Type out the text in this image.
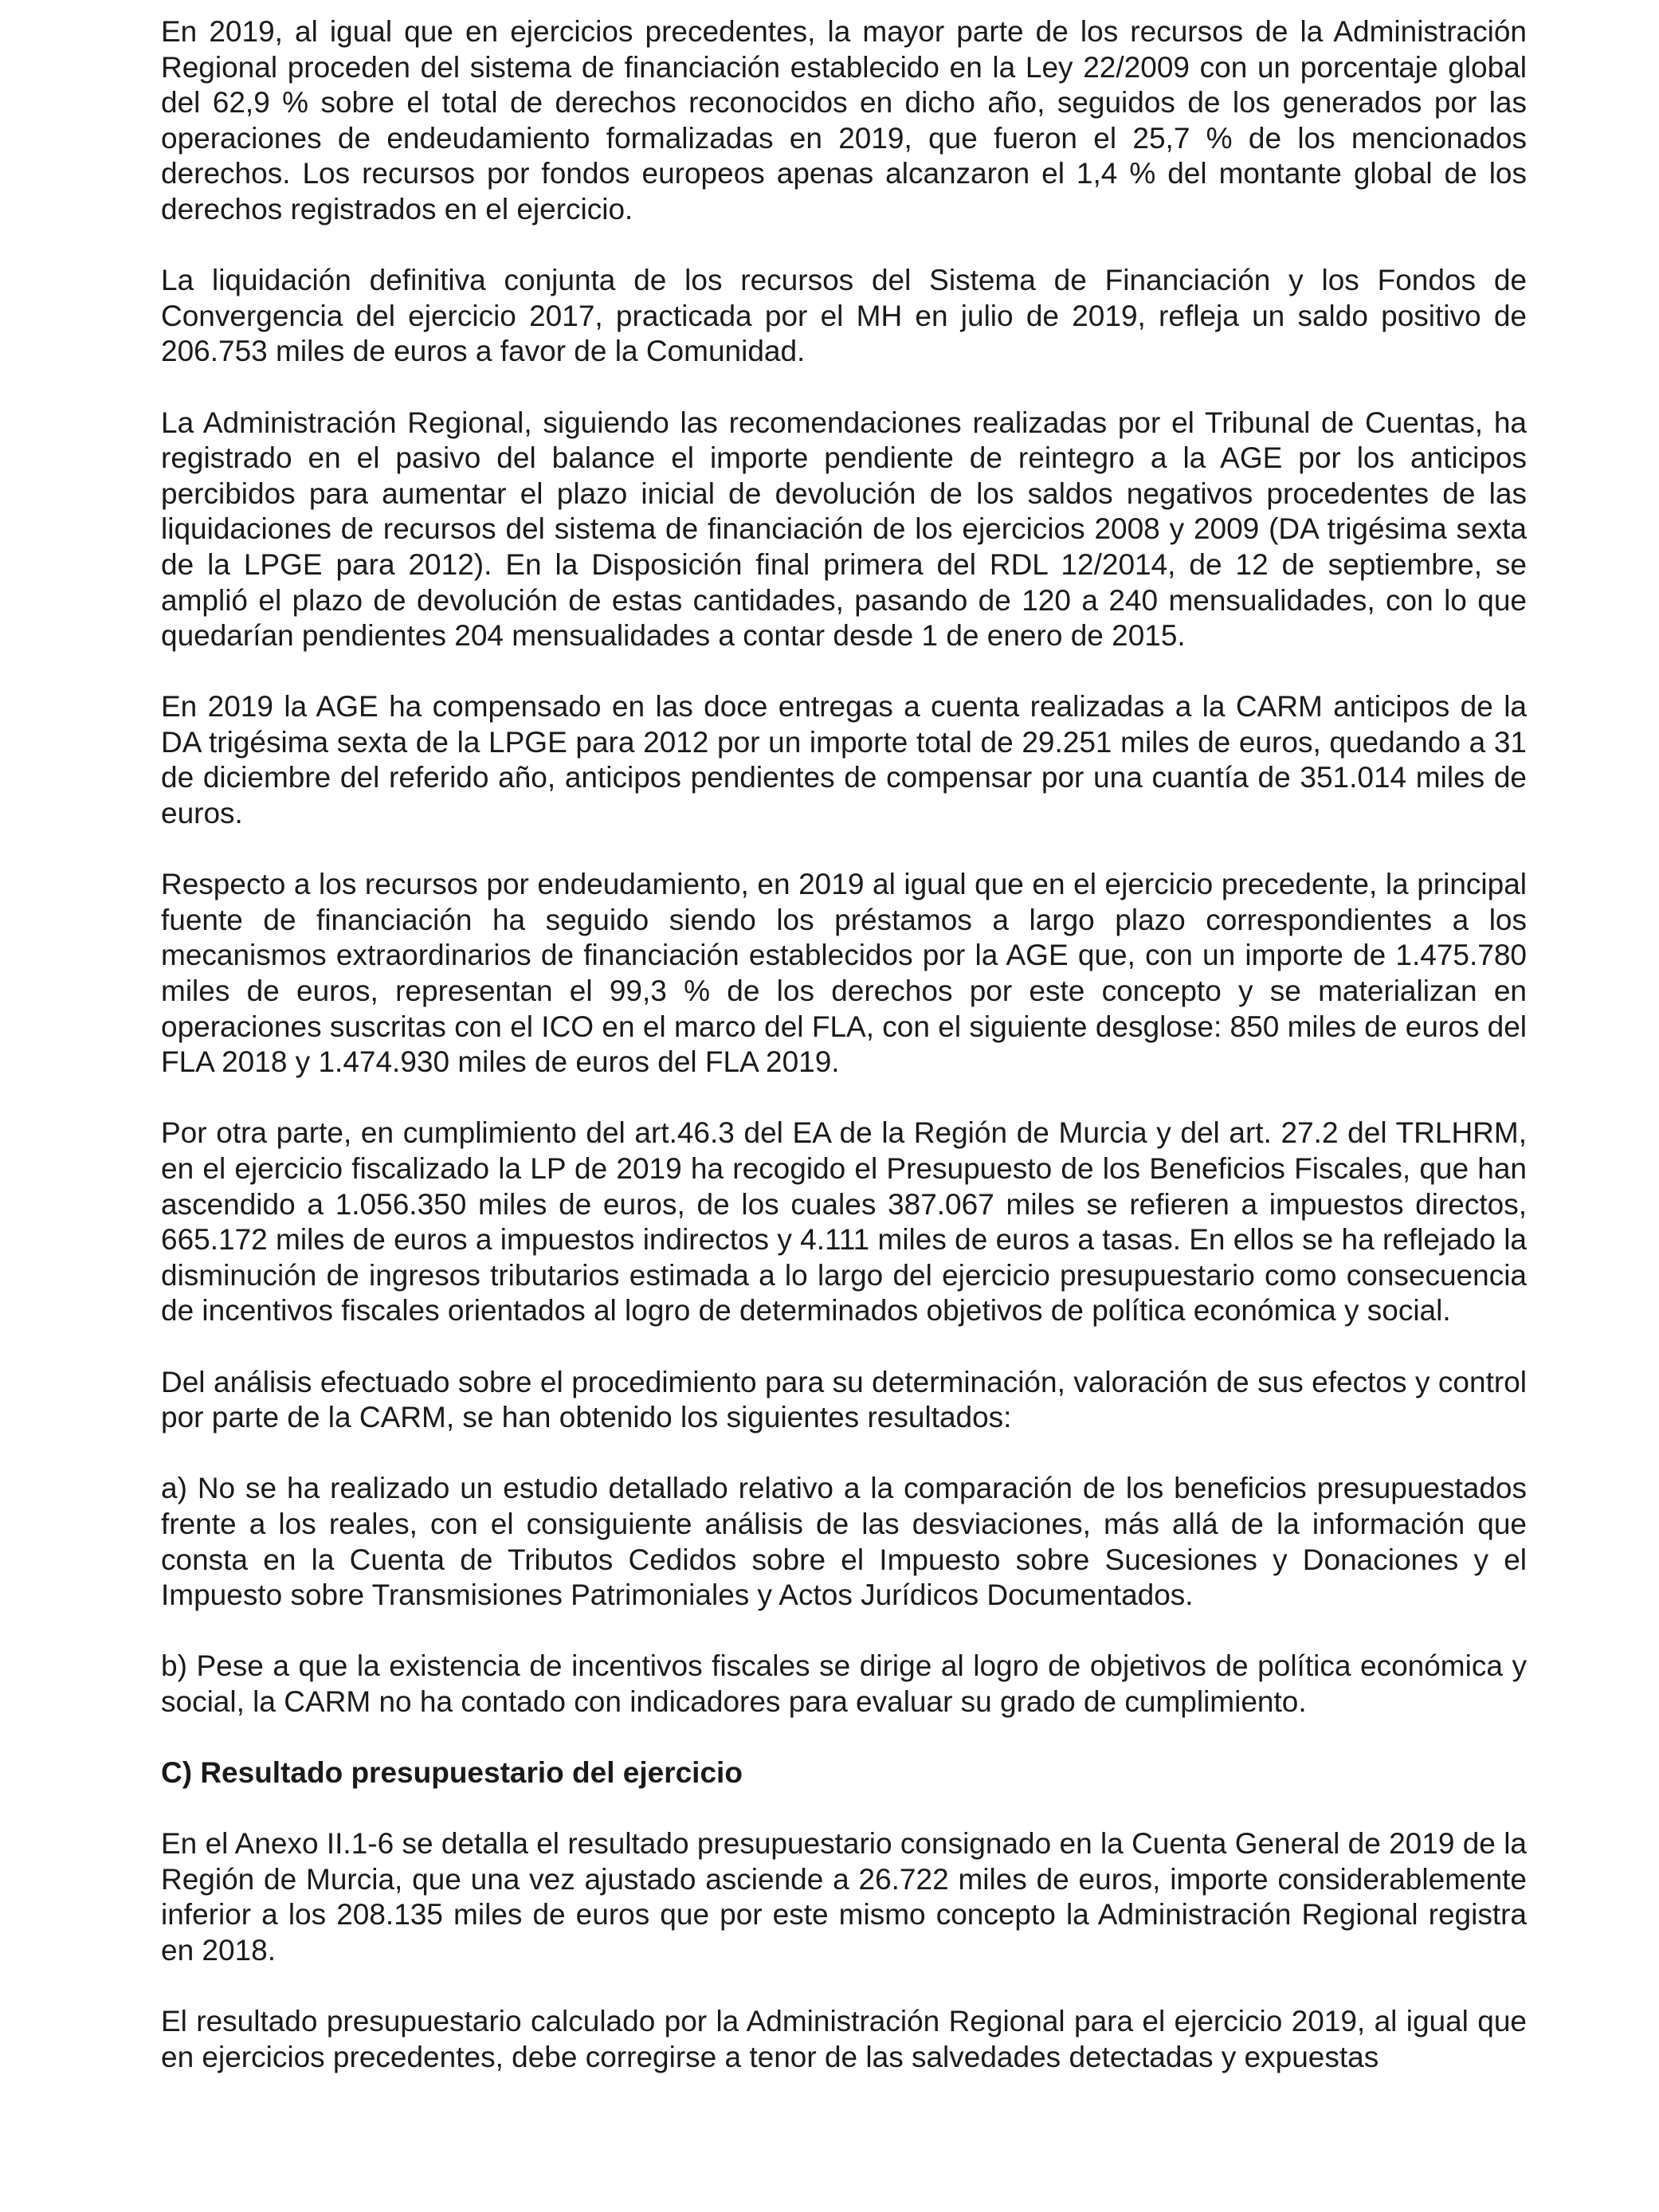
En 2019, al igual que en ejercicios precedentes, la mayor parte de los recursos de la Administración Regional proceden del sistema de financiación establecido en la Ley 22/2009 con un porcentaje global del 62,9 % sobre el total de derechos reconocidos en dicho año, seguidos de los generados por las operaciones de endeudamiento formalizadas en 2019, que fueron el 25,7 % de los mencionados derechos. Los recursos por fondos europeos apenas alcanzaron el 1,4 % del montante global de los derechos registrados en el ejercicio.

La liquidación definitiva conjunta de los recursos del Sistema de Financiación y los Fondos de Convergencia del ejercicio 2017, practicada por el MH en julio de 2019, refleja un saldo positivo de 206.753 miles de euros a favor de la Comunidad.

La Administración Regional, siguiendo las recomendaciones realizadas por el Tribunal de Cuentas, ha registrado en el pasivo del balance el importe pendiente de reintegro a la AGE por los anticipos percibidos para aumentar el plazo inicial de devolución de los saldos negativos procedentes de las liquidaciones de recursos del sistema de financiación de los ejercicios 2008 y 2009 (DA trigésima sexta de la LPGE para 2012). En la Disposición final primera del RDL 12/2014, de 12 de septiembre, se amplió el plazo de devolución de estas cantidades, pasando de 120 a 240 mensualidades, con lo que quedarían pendientes 204 mensualidades a contar desde 1 de enero de 2015.

En 2019 la AGE ha compensado en las doce entregas a cuenta realizadas a la CARM anticipos de la DA trigésima sexta de la LPGE para 2012 por un importe total de 29.251 miles de euros, quedando a 31 de diciembre del referido año, anticipos pendientes de compensar por una cuantía de 351.014 miles de euros.

Respecto a los recursos por endeudamiento, en 2019 al igual que en el ejercicio precedente, la principal fuente de financiación ha seguido siendo los préstamos a largo plazo correspondientes a los mecanismos extraordinarios de financiación establecidos por la AGE que, con un importe de 1.475.780 miles de euros, representan el 99,3 % de los derechos por este concepto y se materializan en operaciones suscritas con el ICO en el marco del FLA, con el siguiente desglose: 850 miles de euros del FLA 2018 y 1.474.930 miles de euros del FLA 2019.

Por otra parte, en cumplimiento del art.46.3 del EA de la Región de Murcia y del art. 27.2 del TRLHRM, en el ejercicio fiscalizado la LP de 2019 ha recogido el Presupuesto de los Beneficios Fiscales, que han ascendido a 1.056.350 miles de euros, de los cuales 387.067 miles se refieren a impuestos directos, 665.172 miles de euros a impuestos indirectos y 4.111 miles de euros a tasas. En ellos se ha reflejado la disminución de ingresos tributarios estimada a lo largo del ejercicio presupuestario como consecuencia de incentivos fiscales orientados al logro de determinados objetivos de política económica y social.

Del análisis efectuado sobre el procedimiento para su determinación, valoración de sus efectos y control por parte de la CARM, se han obtenido los siguientes resultados:

a) No se ha realizado un estudio detallado relativo a la comparación de los beneficios presupuestados frente a los reales, con el consiguiente análisis de las desviaciones, más allá de la información que consta en la Cuenta de Tributos Cedidos sobre el Impuesto sobre Sucesiones y Donaciones y el Impuesto sobre Transmisiones Patrimoniales y Actos Jurídicos Documentados.

b) Pese a que la existencia de incentivos fiscales se dirige al logro de objetivos de política económica y social, la CARM no ha contado con indicadores para evaluar su grado de cumplimiento.

C) Resultado presupuestario del ejercicio

En el Anexo II.1-6 se detalla el resultado presupuestario consignado en la Cuenta General de 2019 de la Región de Murcia, que una vez ajustado asciende a 26.722 miles de euros, importe considerablemente inferior a los 208.135 miles de euros que por este mismo concepto la Administración Regional registra en 2018.

El resultado presupuestario calculado por la Administración Regional para el ejercicio 2019, al igual que en ejercicios precedentes, debe corregirse a tenor de las salvedades detectadas y expuestas
